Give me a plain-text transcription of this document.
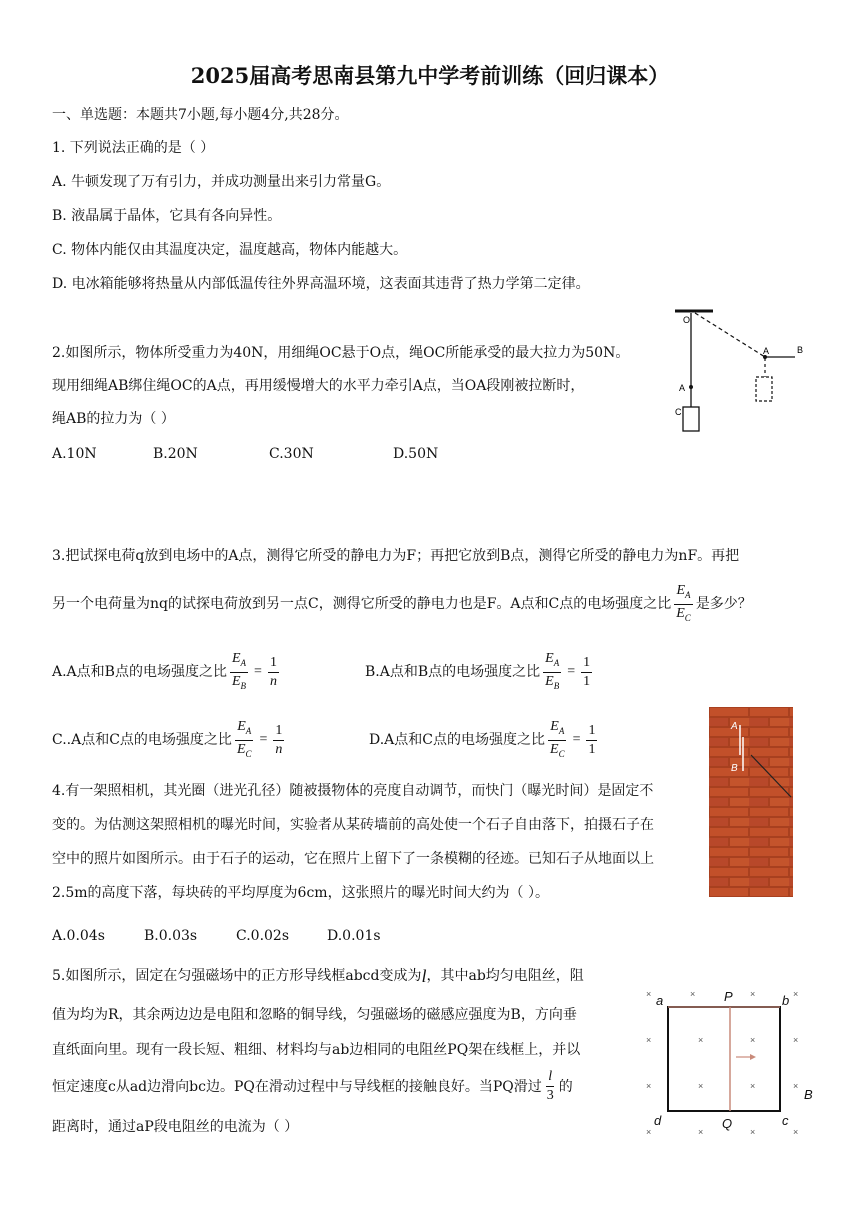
2025届高考思南县第九中学考前训练（回归课本）
一、单选题：本题共7小题,每小题4分,共28分。
1. 下列说法正确的是（ ）
A. 牛顿发现了万有引力，并成功测量出来引力常量G。
B. 液晶属于晶体，它具有各向异性。
C. 物体内能仅由其温度决定，温度越高，物体内能越大。
D. 电冰箱能够将热量从内部低温传往外界高温环境，这表面其违背了热力学第二定律。
2.如图所示，物体所受重力为40N，用细绳OC悬于O点，绳OC所能承受的最大拉力为50N。
现用细绳AB绑住绳OC的A点，再用缓慢增大的水平力牵引A点，当OA段刚被拉断时，
绳AB的拉力为（ ）
A.10N	B.20N	C.30N	D.50N
O
A
C
A	B
3.把试探电荷q放到电场中的A点，测得它所受的静电力为F；再把它放到B点，测得它所受的静电力为nF。再把
另一个电荷量为nq的试探电荷放到另一点C，测得它所受的静电力也是F。A点和C点的电场强度之比 $\frac{E_A}{E_C}$ 是多少？
A.A点和B点的电场强度之比 $\frac{E_A}{E_B} = \frac{1}{n}$	B.A点和B点的电场强度之比 $\frac{E_A}{E_B} = \frac{1}{1}$
C..A点和C点的电场强度之比 $\frac{E_A}{E_C} = \frac{1}{n}$	D.A点和C点的电场强度之比 $\frac{E_A}{E_C} = \frac{1}{1}$	A
B
4.有一架照相机，其光圈（进光孔径）随被摄物体的亮度自动调节，而快门（曝光时间）是固定不
变的。为估测这架照相机的曝光时间，实验者从某砖墙前的高处使一个石子自由落下，拍摄石子在
空中的照片如图所示。由于石子的运动，它在照片上留下了一条模糊的径迹。已知石子从地面以上
2.5m的高度下落，每块砖的平均厚度为6cm，这张照片的曝光时间大约为（ ）。
A.0.04s	B.0.03s	C.0.02s	D.0.01s
5.如图所示，固定在匀强磁场中的正方形导线框abcd变成为 l ，其中ab均匀电阻丝，阻
值为均为R，其余两边边是电阻和忽略的铜导线，匀强磁场的磁感应强度为B，方向垂
直纸面向里。现有一段长短、粗细、材料均与ab边相同的电阻丝PQ架在线框上，并以
恒定速度c从ad边滑向bc边。PQ在滑动过程中与导线框的接触良好。当PQ滑过 $\frac{l}{3}$ 的
距离时，通过aP段电阻丝的电流为（ ）
×	×	×	×
×	×	×	×
×	×	×	×
×	×	×	×
a	P	b
d	Q	c
B
